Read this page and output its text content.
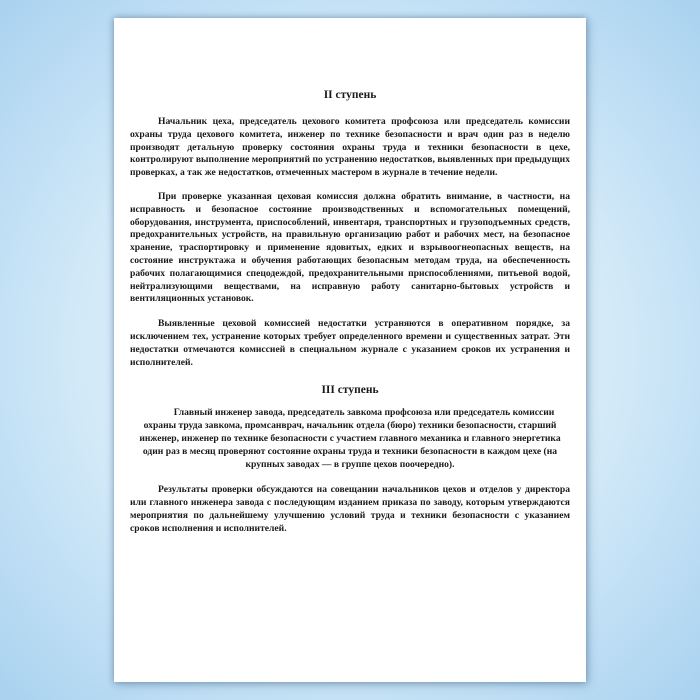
II ступень

Начальник цеха, председатель цехового комитета профсоюза или председатель комиссии охраны труда цехового комитета, инженер по технике безопасности и врач один раз в неделю производят детальную проверку состояния охраны труда и техники безопасности в цехе, контролируют выполнение мероприятий по устранению недостатков, выявленных при предыдущих проверках, а так же недостатков, отмеченных мастером в журнале в течение недели.

При проверке указанная цеховая комиссия должна обратить внимание, в частности, на исправность и безопасное состояние производственных и вспомогательных помещений, оборудования, инструмента, приспособлений, инвентаря, транспортных и грузоподъемных средств, предохранительных устройств, на правильную организацию работ и рабочих мест, на безопасное хранение, траспортировку и применение ядовитых, едких и взрывоогнеопасных веществ, на состояние инструктажа и обучения работающих безопасным методам труда, на обеспеченность рабочих полагающимися спецодеждой, предохранительными приспособлениями, питьевой водой, нейтрализующими веществами, на исправную работу санитарно-бытовых устройств и вентиляционных установок.

Выявленные цеховой комиссией недостатки устраняются в оперативном порядке, за исключением тех, устранение которых требует определенного времени и существенных затрат. Эти недостатки отмечаются комиссией в специальном журнале с указанием сроков их устранения и исполнителей.

III ступень

Главный инженер завода, председатель завкома профсоюза или председатель комиссии охраны труда завкома, промсанврач, начальник отдела (бюро) техники безопасности, старший инженер, инженер по технике безопасности с участием главного механика и главного энергетика один раз в месяц проверяют состояние охраны труда и техники безопасности в каждом цехе (на крупных заводах — в группе цехов поочередно).

Результаты проверки обсуждаются на совещании начальников цехов и отделов у директора или главного инженера завода с последующим изданием приказа по заводу, которым утверждаются мероприятия по дальнейшему улучшению условий труда и техники безопасности с указанием сроков исполнения и исполнителей.
